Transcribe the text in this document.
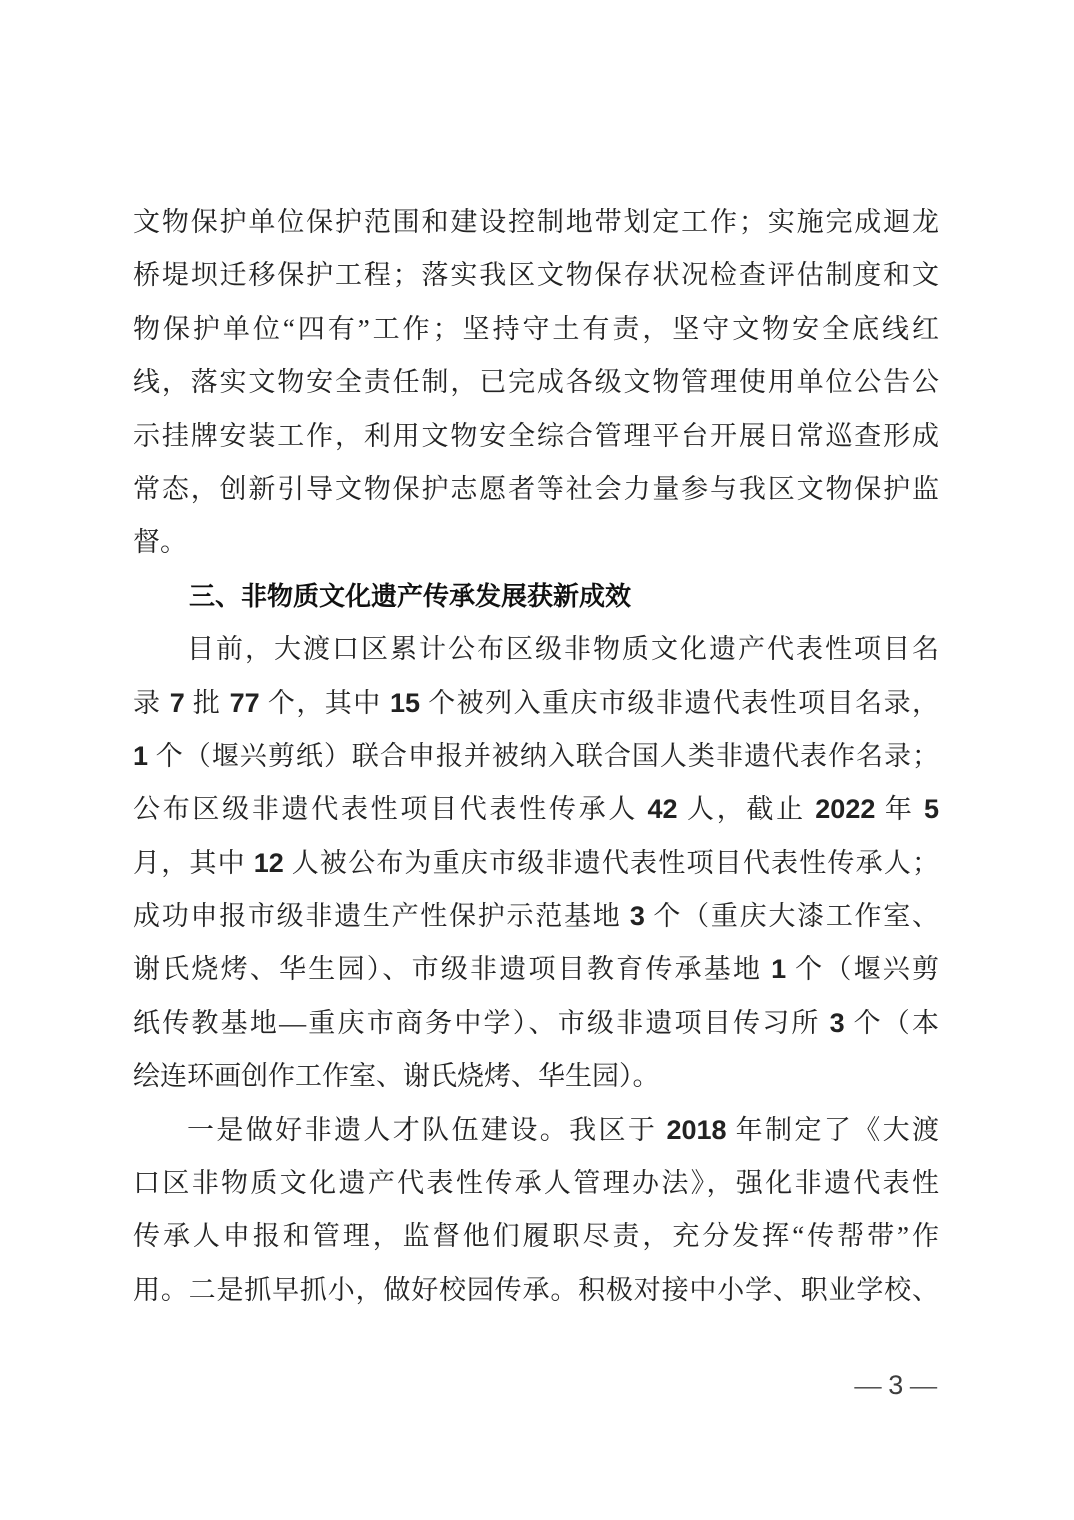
文物保护单位保护范围和建设控制地带划定工作；实施完成迴龙
桥堤坝迁移保护工程；落实我区文物保存状况检查评估制度和文
物保护单位“四有”工作；坚持守土有责，坚守文物安全底线红
线，落实文物安全责任制，已完成各级文物管理使用单位公告公
示挂牌安装工作，利用文物安全综合管理平台开展日常巡查形成
常态，创新引导文物保护志愿者等社会力量参与我区文物保护监
督。
三、非物质文化遗产传承发展获新成效
目前，大渡口区累计公布区级非物质文化遗产代表性项目名
录 7 批 77 个，其中 15 个被列入重庆市级非遗代表性项目名录，
1 个（堰兴剪纸）联合申报并被纳入联合国人类非遗代表作名录；
公布区级非遗代表性项目代表性传承人 42 人，截止 2022 年 5
月，其中 12 人被公布为重庆市级非遗代表性项目代表性传承人；
成功申报市级非遗生产性保护示范基地 3 个（重庆大漆工作室、
谢氏烧烤、华生园）、市级非遗项目教育传承基地 1 个（堰兴剪
纸传教基地—重庆市商务中学）、市级非遗项目传习所 3 个（本
绘连环画创作工作室、谢氏烧烤、华生园）。
一是做好非遗人才队伍建设。我区于 2018 年制定了《大渡
口区非物质文化遗产代表性传承人管理办法》，强化非遗代表性
传承人申报和管理，监督他们履职尽责，充分发挥“传帮带”作
用。二是抓早抓小，做好校园传承。积极对接中小学、职业学校、
— 3 —
